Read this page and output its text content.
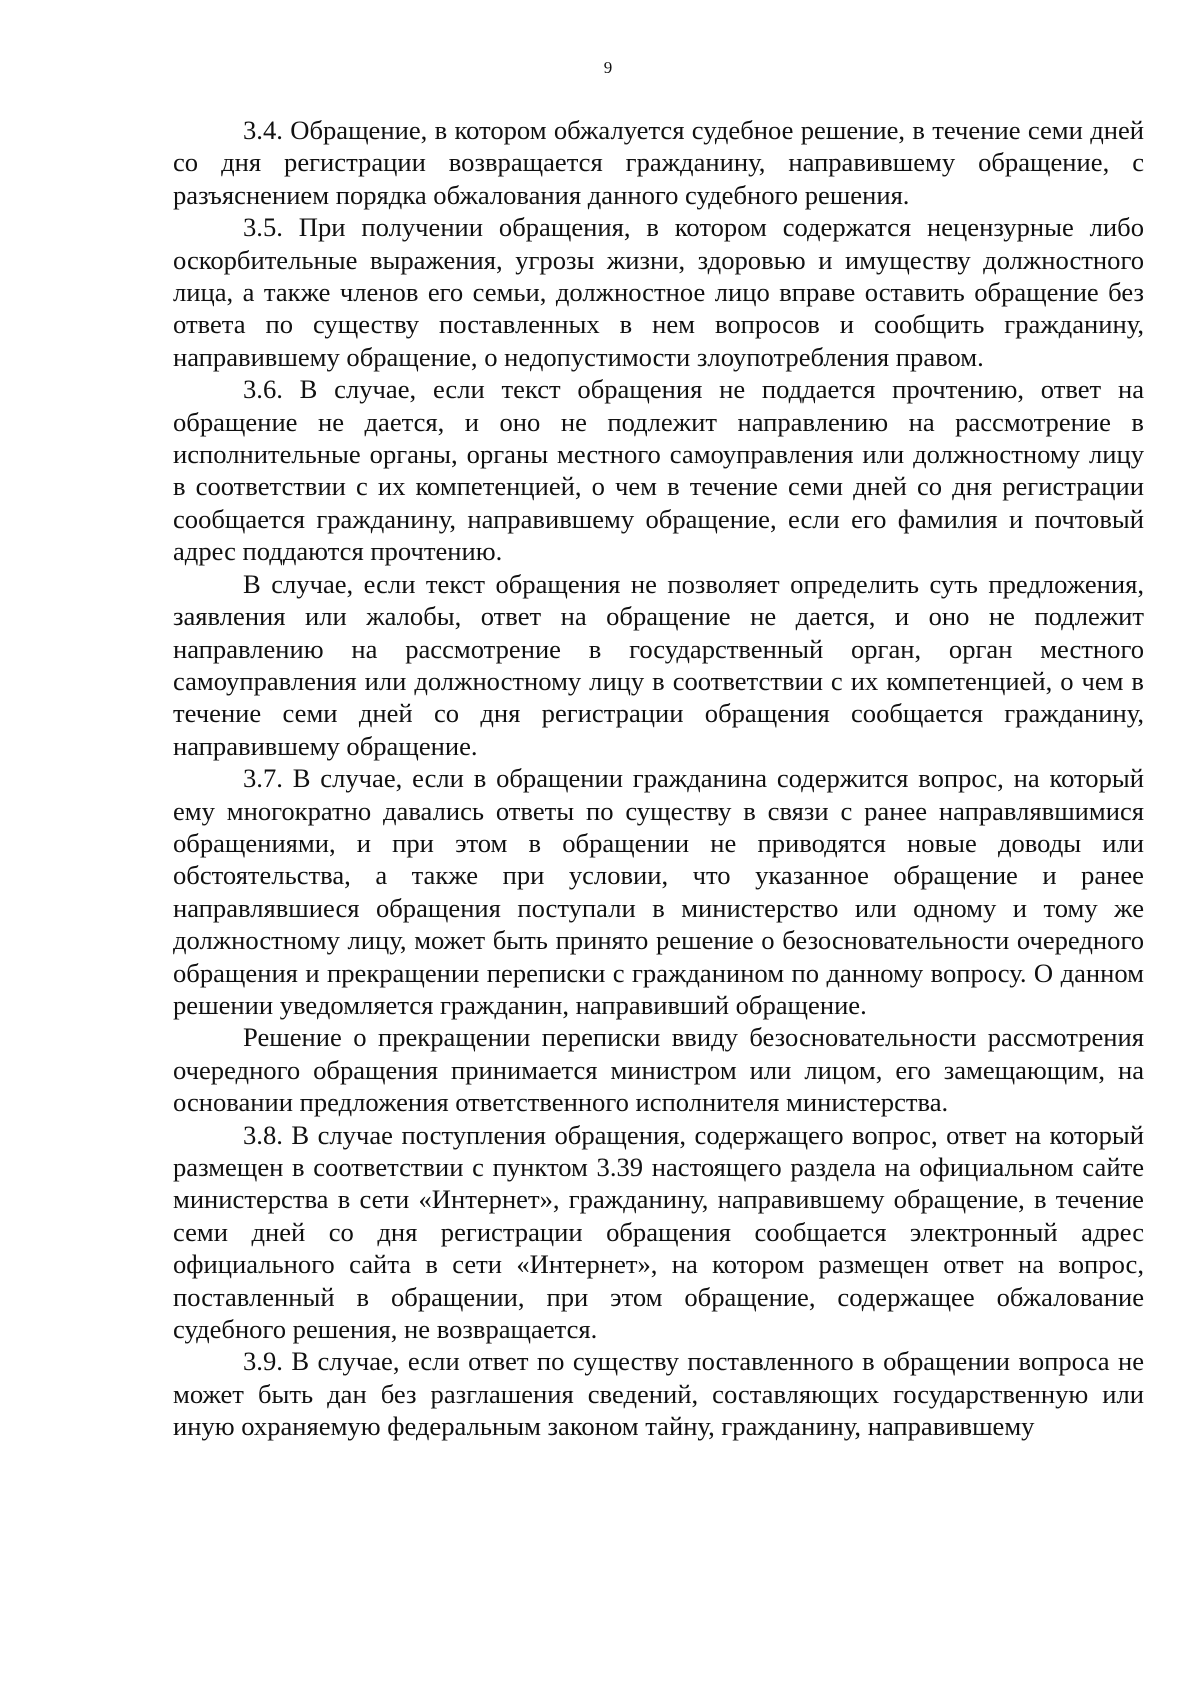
9

3.4. Обращение, в котором обжалуется судебное решение, в течение семи дней со дня регистрации возвращается гражданину, направившему обращение, с разъяснением порядка обжалования данного судебного решения.

3.5. При получении обращения, в котором содержатся нецензурные либо оскорбительные выражения, угрозы жизни, здоровью и имуществу должностного лица, а также членов его семьи, должностное лицо вправе оставить обращение без ответа по существу поставленных в нем вопросов и сообщить гражданину, направившему обращение, о недопустимости злоупотребления правом.

3.6. В случае, если текст обращения не поддается прочтению, ответ на обращение не дается, и оно не подлежит направлению на рассмотрение в исполнительные органы, органы местного самоуправления или должностному лицу в соответствии с их компетенцией, о чем в течение семи дней со дня регистрации сообщается гражданину, направившему обращение, если его фамилия и почтовый адрес поддаются прочтению.

В случае, если текст обращения не позволяет определить суть предложения, заявления или жалобы, ответ на обращение не дается, и оно не подлежит направлению на рассмотрение в государственный орган, орган местного самоуправления или должностному лицу в соответствии с их компетенцией, о чем в течение семи дней со дня регистрации обращения сообщается гражданину, направившему обращение.

3.7. В случае, если в обращении гражданина содержится вопрос, на который ему многократно давались ответы по существу в связи с ранее направлявшимися обращениями, и при этом в обращении не приводятся новые доводы или обстоятельства, а также при условии, что указанное обращение и ранее направлявшиеся обращения поступали в министерство или одному и тому же должностному лицу, может быть принято решение о безосновательности очередного обращения и прекращении переписки с гражданином по данному вопросу. О данном решении уведомляется гражданин, направивший обращение.

Решение о прекращении переписки ввиду безосновательности рассмотрения очередного обращения принимается министром или лицом, его замещающим, на основании предложения ответственного исполнителя министерства.

3.8. В случае поступления обращения, содержащего вопрос, ответ на который размещен в соответствии с пунктом 3.39 настоящего раздела на официальном сайте министерства в сети «Интернет», гражданину, направившему обращение, в течение семи дней со дня регистрации обращения сообщается электронный адрес официального сайта в сети «Интернет», на котором размещен ответ на вопрос, поставленный в обращении, при этом обращение, содержащее обжалование судебного решения, не возвращается.

3.9. В случае, если ответ по существу поставленного в обращении вопроса не может быть дан без разглашения сведений, составляющих государственную или иную охраняемую федеральным законом тайну, гражданину, направившему
